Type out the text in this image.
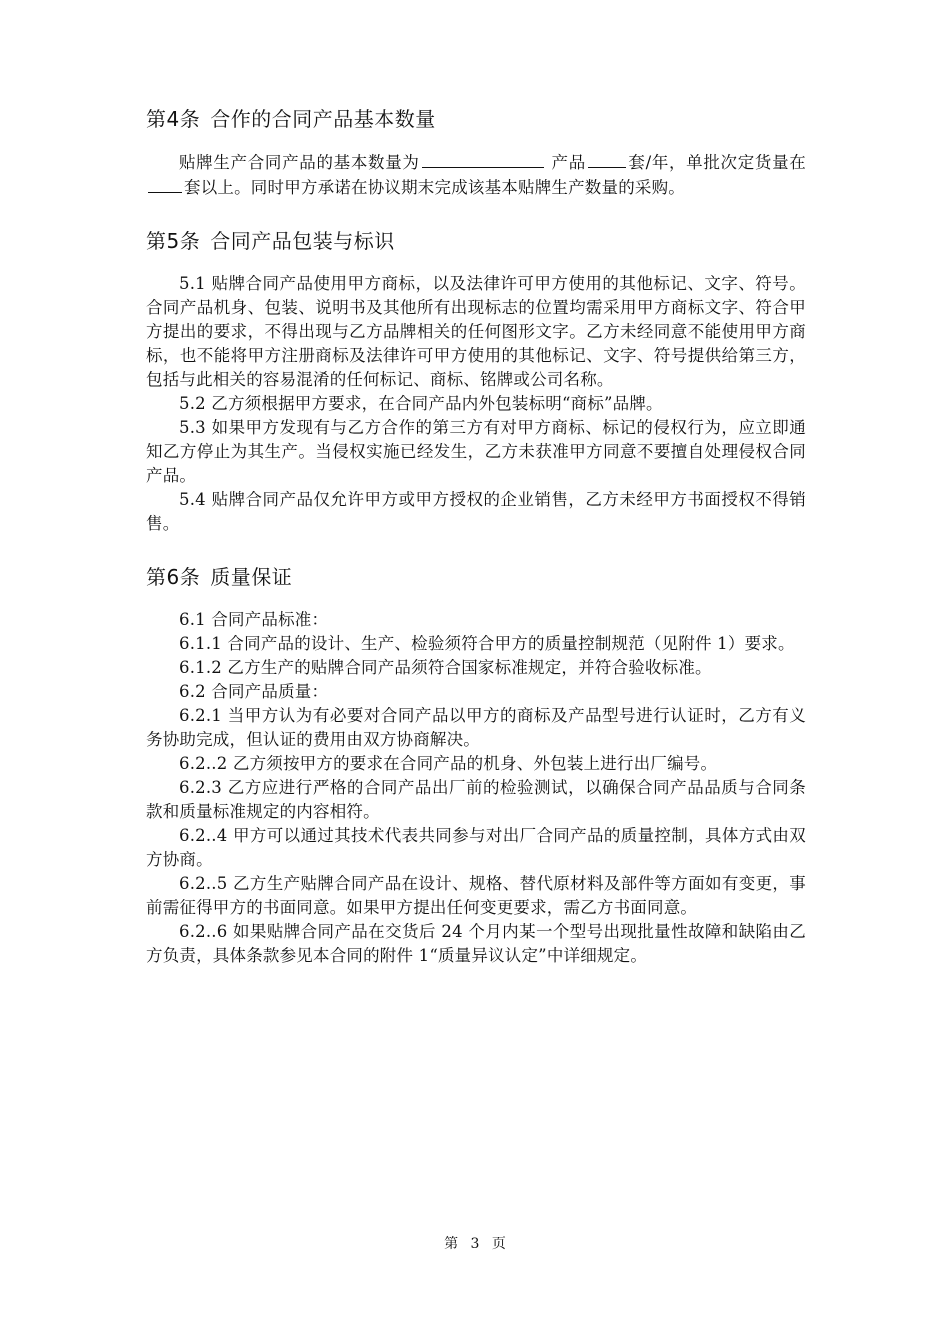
第4条 合作的合同产品基本数量

贴牌生产合同产品的基本数量为	产品	套/年，单批次定货量在套以上。同时甲方承诺在协议期末完成该基本贴牌生产数量的采购。

第5条 合同产品包装与标识

5.1 贴牌合同产品使用甲方商标，以及法律许可甲方使用的其他标记、文字、符号。合同产品机身、包装、说明书及其他所有出现标志的位置均需采用甲方商标文字、符合甲方提出的要求，不得出现与乙方品牌相关的任何图形文字。乙方未经同意不能使用甲方商标，也不能将甲方注册商标及法律许可甲方使用的其他标记、文字、符号提供给第三方，包括与此相关的容易混淆的任何标记、商标、铭牌或公司名称。

5.2 乙方须根据甲方要求，在合同产品内外包装标明“商标”品牌。

5.3 如果甲方发现有与乙方合作的第三方有对甲方商标、标记的侵权行为，应立即通知乙方停止为其生产。当侵权实施已经发生，乙方未获准甲方同意不要擅自处理侵权合同产品。

5.4 贴牌合同产品仅允许甲方或甲方授权的企业销售，乙方未经甲方书面授权不得销售。

第6条 质量保证

6.1 合同产品标准：

6.1.1 合同产品的设计、生产、检验须符合甲方的质量控制规范（见附件 1）要求。

6.1.2 乙方生产的贴牌合同产品须符合国家标准规定，并符合验收标准。

6.2 合同产品质量：

6.2.1 当甲方认为有必要对合同产品以甲方的商标及产品型号进行认证时，乙方有义务协助完成，但认证的费用由双方协商解决。

6.2..2 乙方须按甲方的要求在合同产品的机身、外包装上进行出厂编号。

6.2.3 乙方应进行严格的合同产品出厂前的检验测试，以确保合同产品品质与合同条款和质量标准规定的内容相符。

6.2..4 甲方可以通过其技术代表共同参与对出厂合同产品的质量控制，具体方式由双方协商。

6.2..5 乙方生产贴牌合同产品在设计、规格、替代原材料及部件等方面如有变更，事前需征得甲方的书面同意。如果甲方提出任何变更要求，需乙方书面同意。

6.2..6 如果贴牌合同产品在交货后 24 个月内某一个型号出现批量性故障和缺陷由乙方负责，具体条款参见本合同的附件 1“质量异议认定”中详细规定。

第 3 页
